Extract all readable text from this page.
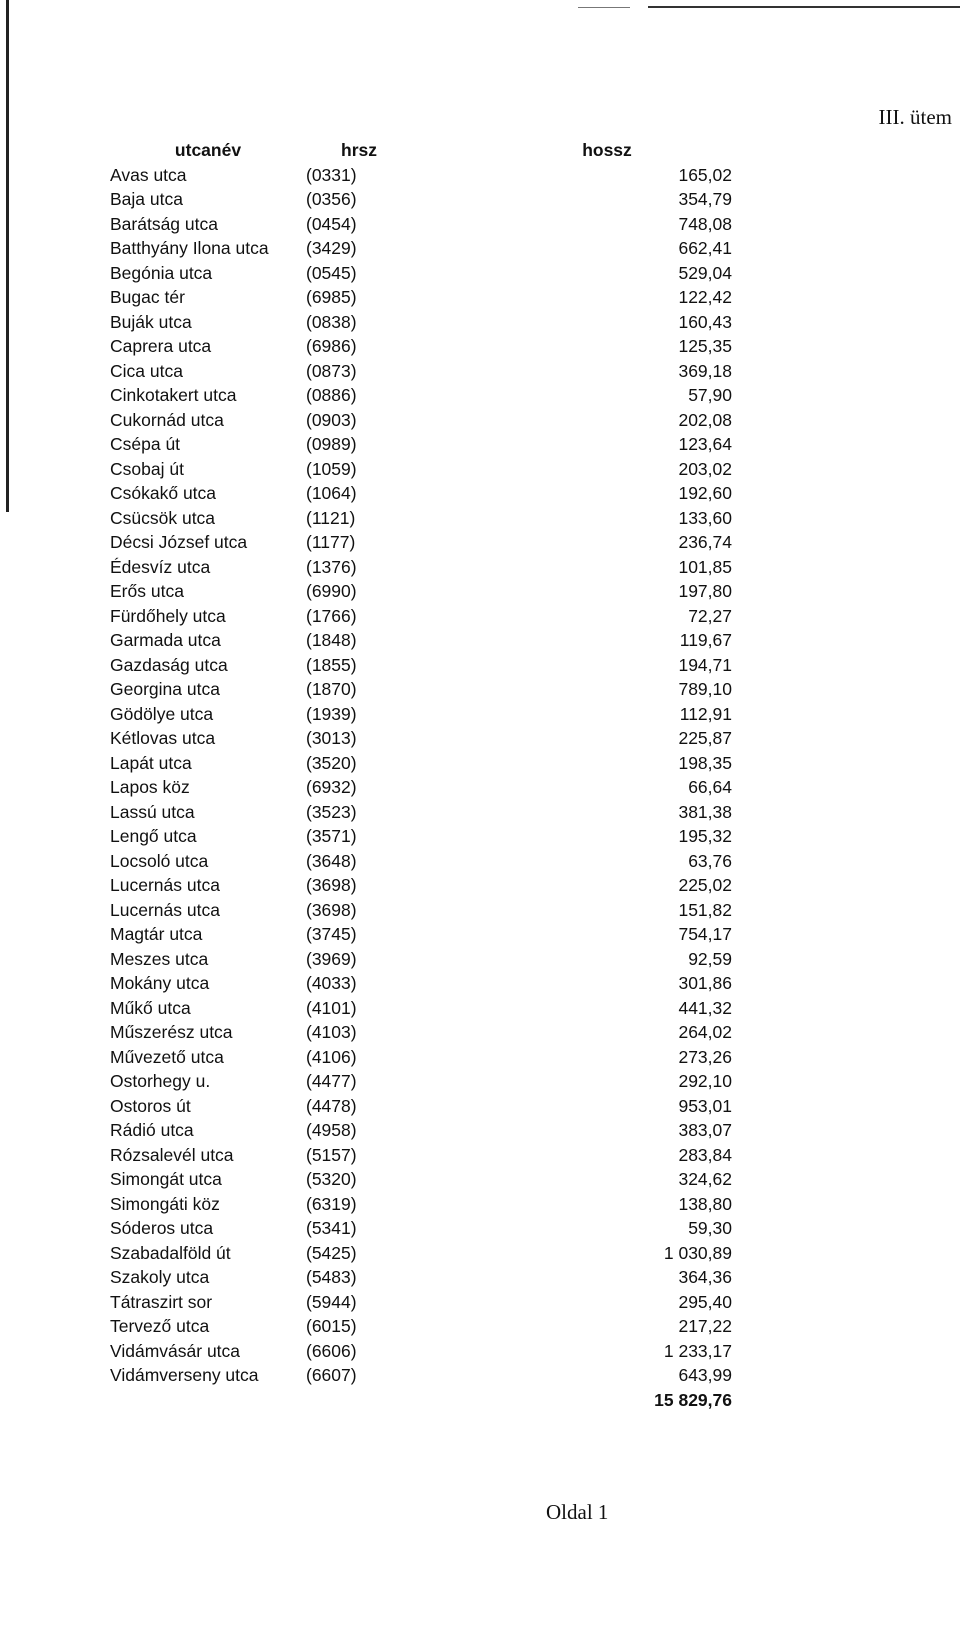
III. ütem
utcanév	hrsz	hossz
Avas utca	(0331)	165,02
Baja utca	(0356)	354,79
Barátság utca	(0454)	748,08
Batthyány Ilona utca	(3429)	662,41
Begónia utca	(0545)	529,04
Bugac tér	(6985)	122,42
Buják utca	(0838)	160,43
Caprera utca	(6986)	125,35
Cica utca	(0873)	369,18
Cinkotakert utca	(0886)	57,90
Cukornád utca	(0903)	202,08
Csépa út	(0989)	123,64
Csobaj út	(1059)	203,02
Csókakő utca	(1064)	192,60
Csücsök utca	(1121)	133,60
Décsi József utca	(1177)	236,74
Édesvíz utca	(1376)	101,85
Erős utca	(6990)	197,80
Fürdőhely utca	(1766)	72,27
Garmada utca	(1848)	119,67
Gazdaság utca	(1855)	194,71
Georgina utca	(1870)	789,10
Gödölye utca	(1939)	112,91
Kétlovas utca	(3013)	225,87
Lapát utca	(3520)	198,35
Lapos köz	(6932)	66,64
Lassú utca	(3523)	381,38
Lengő utca	(3571)	195,32
Locsoló utca	(3648)	63,76
Lucernás utca	(3698)	225,02
Lucernás utca	(3698)	151,82
Magtár utca	(3745)	754,17
Meszes utca	(3969)	92,59
Mokány utca	(4033)	301,86
Műkő utca	(4101)	441,32
Műszerész utca	(4103)	264,02
Művezető utca	(4106)	273,26
Ostorhegy u.	(4477)	292,10
Ostoros út	(4478)	953,01
Rádió utca	(4958)	383,07
Rózsalevél utca	(5157)	283,84
Simongát utca	(5320)	324,62
Simongáti köz	(6319)	138,80
Sóderos utca	(5341)	59,30
Szabadalföld út	(5425)	1 030,89
Szakoly utca	(5483)	364,36
Tátraszirt sor	(5944)	295,40
Tervező utca	(6015)	217,22
Vidámvásár utca	(6606)	1 233,17
Vidámverseny utca	(6607)	643,99
		15 829,76
Oldal 1
